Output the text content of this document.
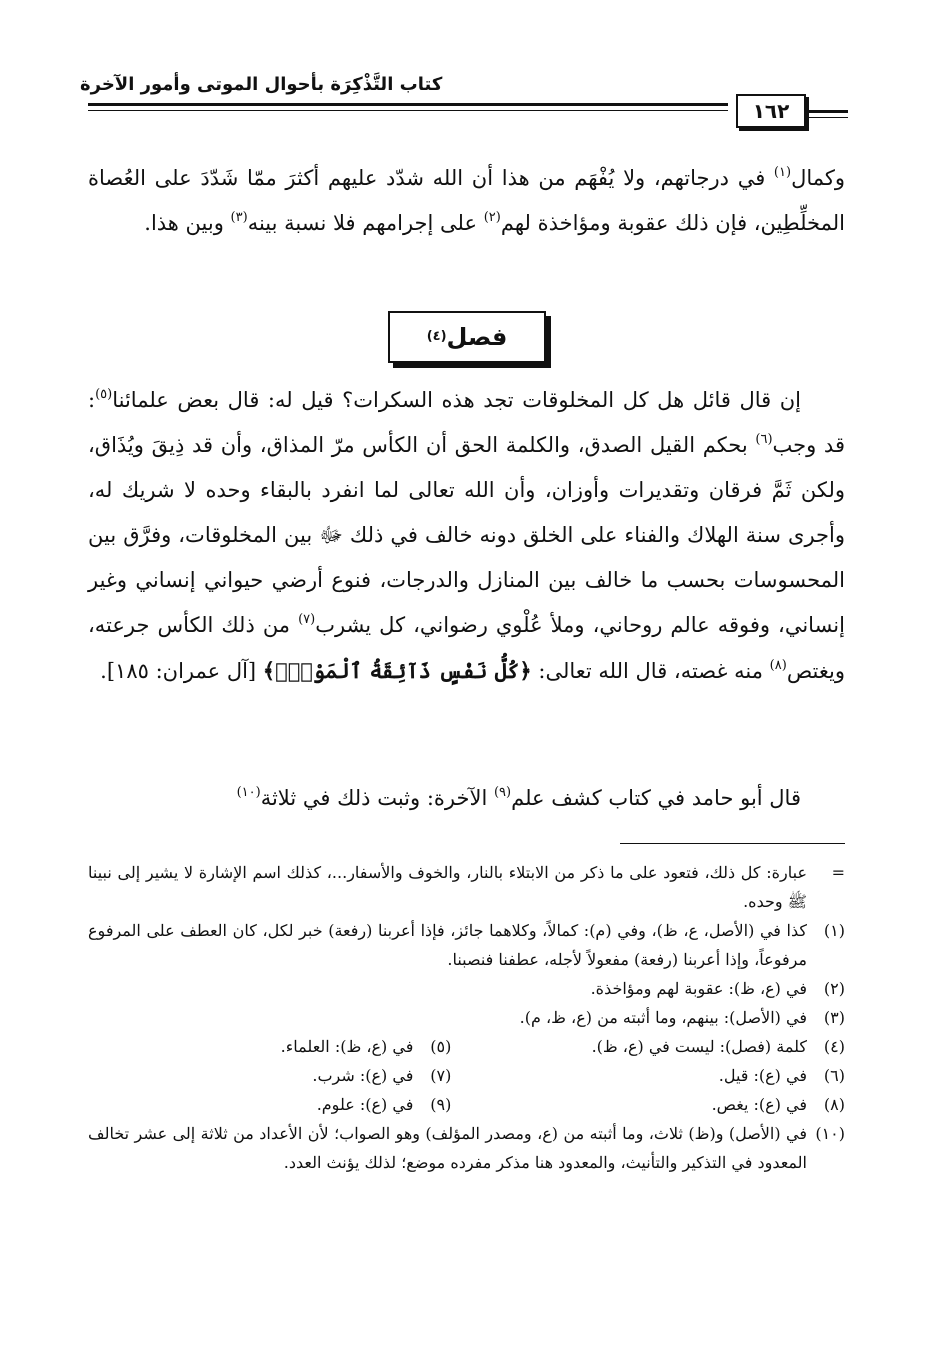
كتاب التَّذْكِرَة بأحوال الموتى وأمور الآخرة
١٦٢
وكمال$^{(١)}$ في درجاتهم، ولا يُفْهَم من هذا أن الله شدّد عليهم أكثرَ ممّا شَدّدَ على العُصاة المخلِّطِين، فإن ذلك عقوبة ومؤاخذة لهم$^{(٢)}$ على إجرامهم فلا نسبة بينه$^{(٣)}$ وبين هذا.
فصل
(٤)
إن قال قائل هل كل المخلوقات تجد هذه السكرات؟ قيل له: قال بعض علمائنا$^{(٥)}$: قد وجب$^{(٦)}$ بحكم القيل الصدق، والكلمة الحق أن الكأس مرّ المذاق، وأن قد ذِيقَ ويُذَاق، ولكن ثَمَّ فرقان وتقديرات وأوزان، وأن الله تعالى لما انفرد بالبقاء وحده لا شريك له، وأجرى سنة الهلاك والفناء على الخلق دونه خالف في ذلك ﷻ بين المخلوقات، وفرَّق بين المحسوسات بحسب ما خالف بين المنازل والدرجات، فنوع أرضي حيواني إنساني وغير إنساني، وفوقه عالم روحاني، وملأ عُلْوي رضواني، كل يشرب$^{(٧)}$ من ذلك الكأس جرعته، ويغتص$^{(٨)}$ منه غصته، قال الله تعالى: ﴿كُلُّ نَفْسٍ ذَآئِقَةُ ٱلْمَوْتِۗ﴾ [آل عمران: ١٨٥].
قال أبو حامد في كتاب كشف علم$^{(٩)}$ الآخرة: وثبت ذلك في ثلاثة$^{(١٠)}$
=
عبارة: كل ذلك، فتعود على ما ذكر من الابتلاء بالنار، والخوف والأسفار...، كذلك اسم الإشارة لا يشير إلى نبينا ﷺ وحده.
(١)
كذا في (الأصل، ع، ظ)، وفي (م): كمالاً، وكلاهما جائز، فإذا أعربنا (رفعة) خبر لكل، كان العطف على المرفوع مرفوعاً، وإذا أعربنا (رفعة) مفعولاً لأجله، عطفنا فنصبنا.
(٢)
في (ع، ظ): عقوبة لهم ومؤاخذة.
(٣)
في (الأصل): بينهم، وما أثبته من (ع، ظ، م).
(٤)
كلمة (فصل): ليست في (ع، ظ).
(٥)
في (ع، ظ): العلماء.
(٦)
في (ع): قيل.
(٧)
في (ع): شرب.
(٨)
في (ع): يغص.
(٩)
في (ع): علوم.
(١٠)
في (الأصل) و(ظ) ثلاث، وما أثبته من (ع، ومصدر المؤلف) وهو الصواب؛ لأن الأعداد من ثلاثة إلى عشر تخالف المعدود في التذكير والتأنيث، والمعدود هنا مذكر مفرده موضع؛ لذلك يؤنث العدد.
